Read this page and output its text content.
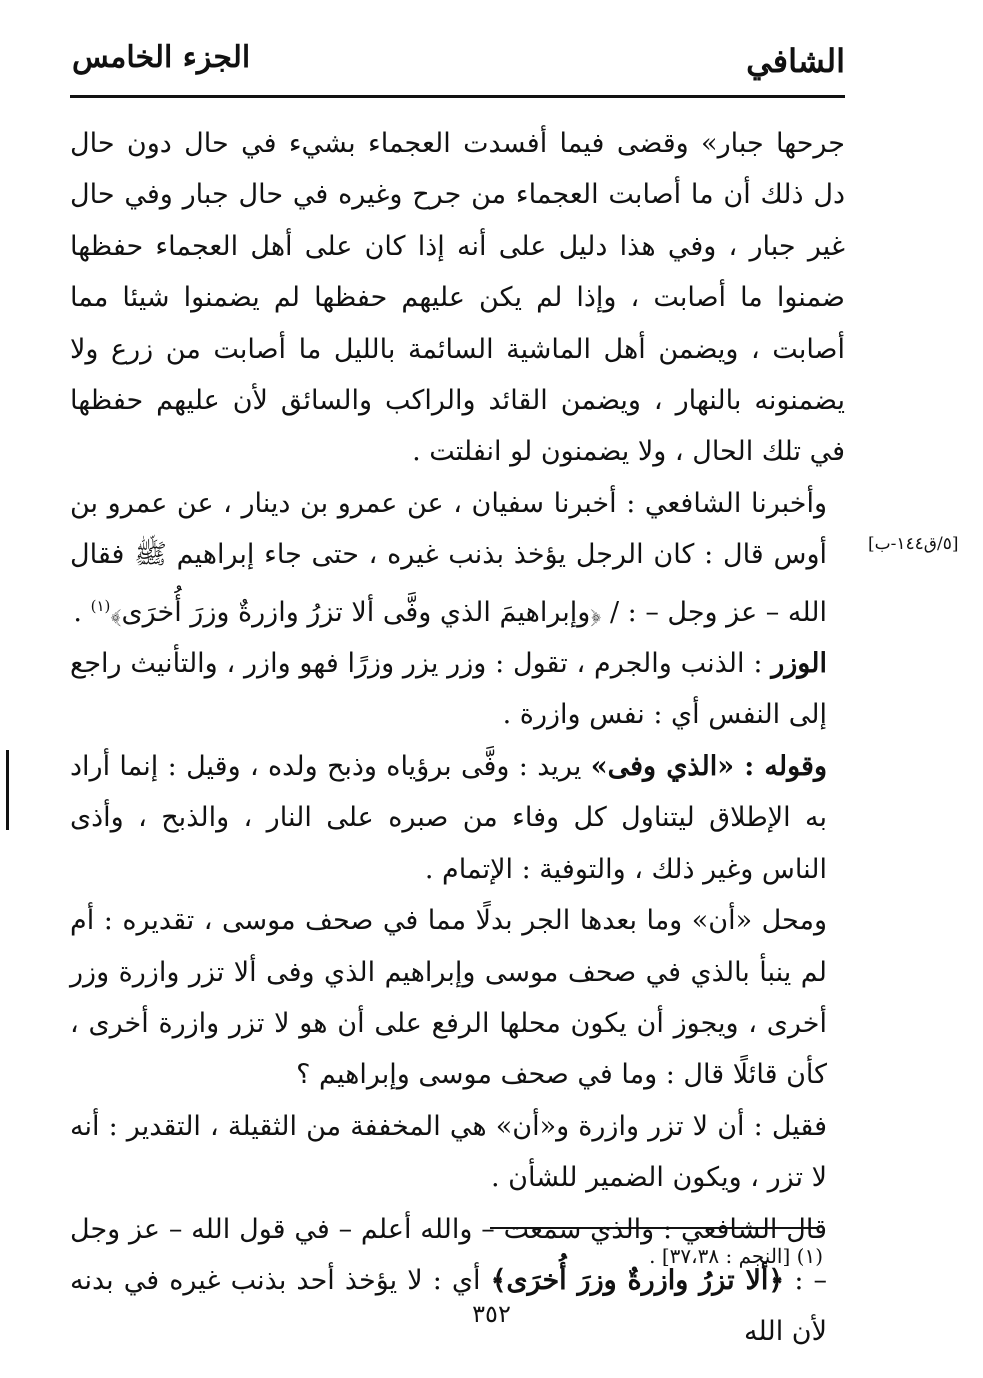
الشافي
الجزء الخامس
[٥/ق١٤٤-ب]

جرحها جبار» وقضى فيما أفسدت العجماء بشيء في حال دون حال دل ذلك أن ما أصابت العجماء من جرح وغيره في حال جبار وفي حال غير جبار ، وفي هذا دليل على أنه إذا كان على أهل العجماء حفظها ضمنوا ما أصابت ، وإذا لم يكن عليهم حفظها لم يضمنوا شيئا مما أصابت ، ويضمن أهل الماشية السائمة بالليل ما أصابت من زرع ولا يضمنونه بالنهار ، ويضمن القائد والراكب والسائق لأن عليهم حفظها في تلك الحال ، ولا يضمنون لو انفلتت .

وأخبرنا الشافعي : أخبرنا سفيان ، عن عمرو بن دينار ، عن عمرو بن أوس قال : كان الرجل يؤخذ بذنب غيره ، حتى جاء إبراهيم ﷺ فقال الله – عز وجل – : / ﴿وإبراهيمَ الذي وفَّى ألا تزرُ وازرةٌ وزرَ أُخرَى﴾$^{(١)}$ .

الوزر : الذنب والجرم ، تقول : وزر يزر وزرًا فهو وازر ، والتأنيث راجع إلى النفس أي : نفس وازرة .

وقوله : «الذي وفى» يريد : وفَّى برؤياه وذبح ولده ، وقيل : إنما أراد به الإطلاق ليتناول كل وفاء من صبره على النار ، والذبح ، وأذى الناس وغير ذلك ، والتوفية : الإتمام .

ومحل «أن» وما بعدها الجر بدلًا مما في صحف موسى ، تقديره : أم لم ينبأ بالذي في صحف موسى وإبراهيم الذي وفى ألا تزر وازرة وزر أخرى ، ويجوز أن يكون محلها الرفع على أن هو لا تزر وازرة أخرى ، كأن قائلًا قال : وما في صحف موسى وإبراهيم ؟

فقيل : أن لا تزر وازرة و«أن» هي المخففة من الثقيلة ، التقدير : أنه لا تزر ، ويكون الضمير للشأن .

قال الشافعي : والذي سمعت – والله أعلم – في قول الله – عز وجل – : ﴿ألا تزرُ وازرةٌ وزرَ أُخرَى﴾ أي : لا يؤخذ أحد بذنب غيره في بدنه لأن الله

(١) [النجم : ٣٧،٣٨] .
٣٥٢
